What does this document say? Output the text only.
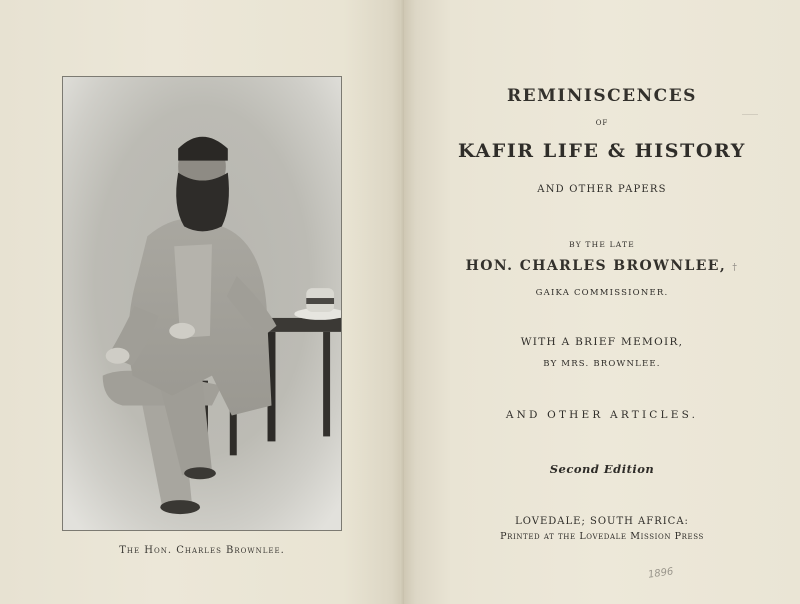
The Hon. Charles Brownlee.
REMINISCENCES
OF
KAFIR LIFE & HISTORY
AND OTHER PAPERS
BY THE LATE
HON. CHARLES BROWNLEE, †
GAIKA COMMISSIONER.
WITH A BRIEF MEMOIR,
BY MRS. BROWNLEE.
AND OTHER ARTICLES.
Second Edition
LOVEDALE; SOUTH AFRICA:
Printed at the Lovedale Mission Press
1896
